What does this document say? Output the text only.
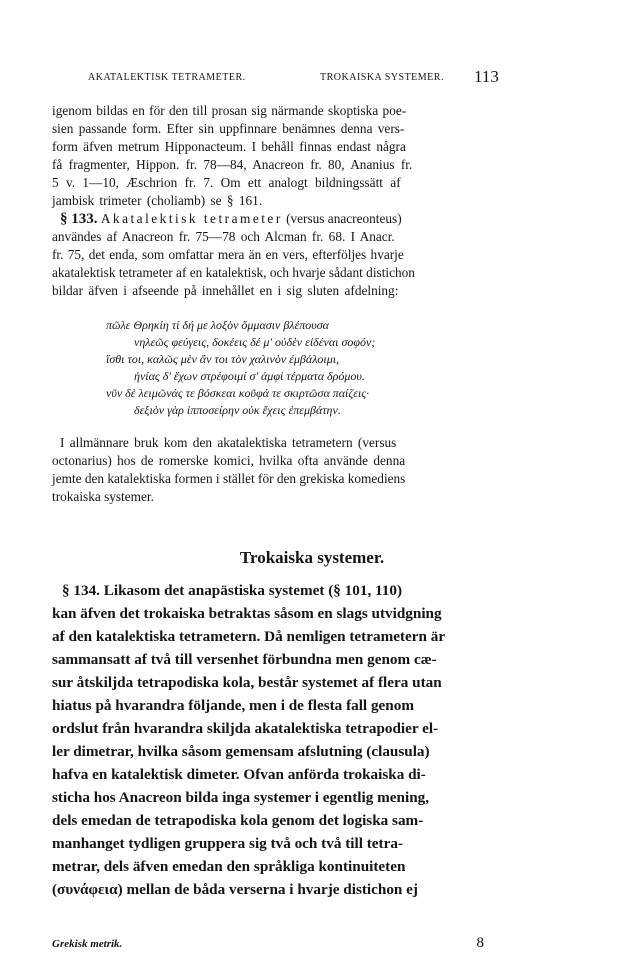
AKATALEKTISK TETRAMETER.	TROKAISKA SYSTEMER. 113
igenom bildas en för den till prosan sig närmande skoptiska poe-
sien passande form. Efter sin uppfinnare benämnes denna vers-
form äfven metrum Hipponacteum. I behåll finnas endast några
få fragmenter, Hippon. fr. 78—84, Anacreon fr. 80, Ananius fr.
5 v. 1—10, Æschrion fr. 7. Om ett analogt bildningssätt af
jambisk trimeter (choliamb) se § 161.
§ 133. Akatalektisk tetrameter (versus anacreonteus)
användes af Anacreon fr. 75—78 och Alcman fr. 68. I Anacr.
fr. 75, det enda, som omfattar mera än en vers, efterföljes hvarje
akatalektisk tetrameter af en katalektisk, och hvarje sådant distichon
bildar äfven i afseende på innehållet en i sig sluten afdelning:
πῶλε Θρηκίη τί δή με λοξὸν ὄμμασιν βλέπουσα
νηλεῶς φεύγεις, δοκέεις δέ μ' οὐδὲν εἰδέναι σοφόν;
ἴσθι τοι, καλῶς μὲν ἄν τοι τὸν χαλινὸν ἐμβάλοιμι,
ἡνίας δ' ἔχων στρέφοιμί σ' ἀμφὶ τέρματα δρόμου.
νῦν δὲ λειμῶνάς τε βόσκεαι κοῦφά τε σκιρτῶσα παίζεις·
δεξιὸν γὰρ ἱπποσείρην οὐκ ἔχεις ἐπεμβάτην.
I allmännare bruk kom den akatalektiska tetrametern (versus
octonarius) hos de romerske komici, hvilka ofta använde denna
jemte den katalektiska formen i stället för den grekiska komediens
trokaiska systemer.
Trokaiska systemer.
§ 134. Likasom det anapästiska systemet (§ 101, 110)
kan äfven det trokaiska betraktas såsom en slags utvidgning
af den katalektiska tetrametern. Då nemligen tetrametern är
sammansatt af två till versenhet förbundna men genom cæ-
sur åtskiljda tetrapodiska kola, består systemet af flera utan
hiatus på hvarandra följande, men i de flesta fall genom
ordslut från hvarandra skiljda akatalektiska tetrapodier el-
ler dimetrar, hvilka såsom gemensam afslutning (clausula)
hafva en katalektisk dimeter. Ofvan anförda trokaiska di-
sticha hos Anacreon bilda inga systemer i egentlig mening,
dels emedan de tetrapodiska kola genom det logiska sam-
manhanget tydligen gruppera sig två och två till tetra-
metrar, dels äfven emedan den språkliga kontinuiteten
(συνάφεια) mellan de båda verserna i hvarje distichon ej
Grekisk metrik.	8
